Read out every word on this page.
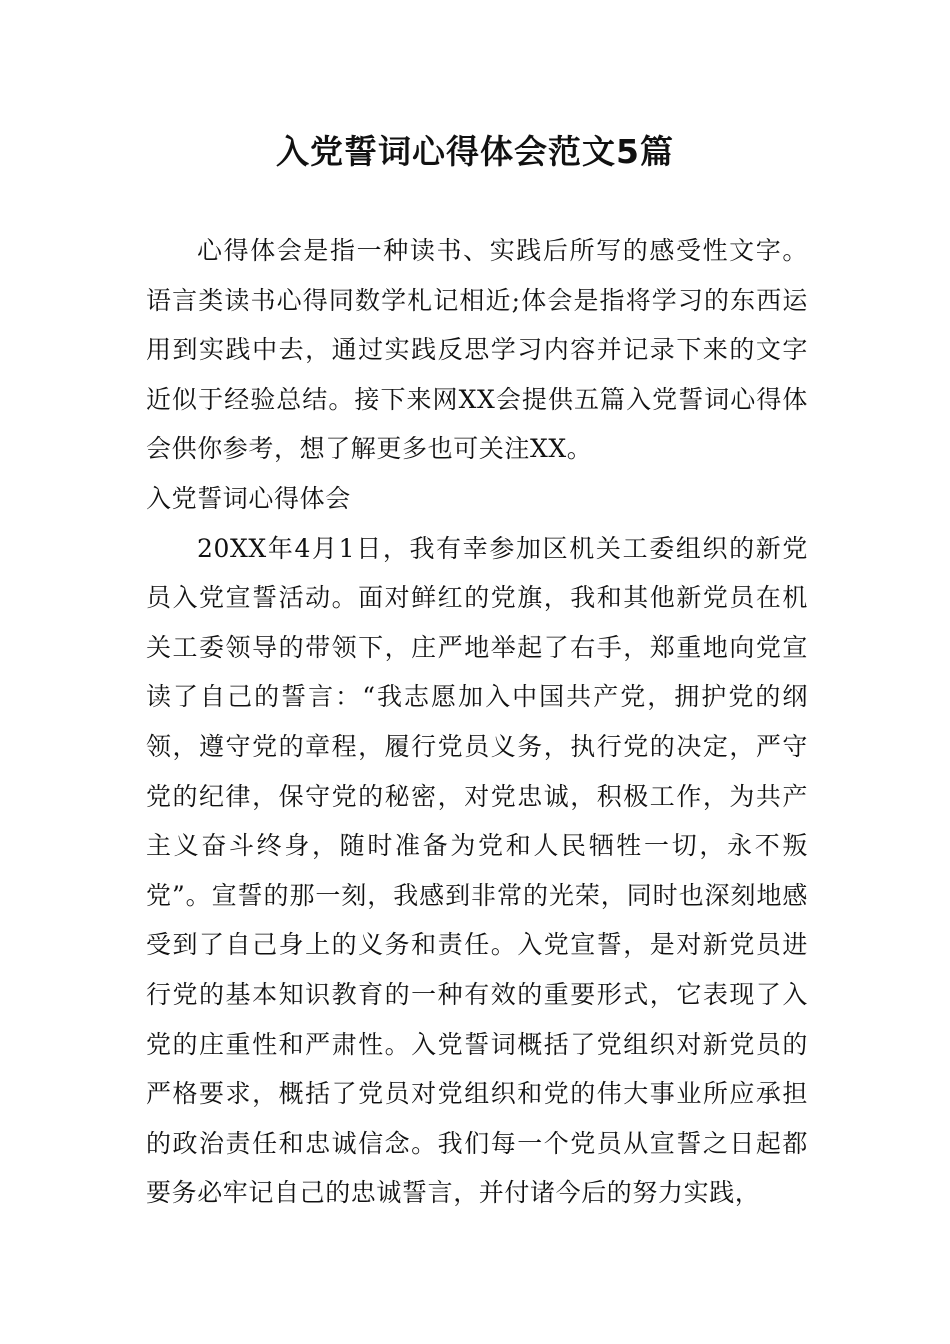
入党誓词心得体会范文5篇

心得体会是指一种读书、实践后所写的感受性文字。语言类读书心得同数学札记相近;体会是指将学习的东西运用到实践中去，通过实践反思学习内容并记录下来的文字近似于经验总结。接下来网XX会提供五篇入党誓词心得体会供你参考，想了解更多也可关注XX。

入党誓词心得体会

20XX年4月1日，我有幸参加区机关工委组织的新党员入党宣誓活动。面对鲜红的党旗，我和其他新党员在机关工委领导的带领下，庄严地举起了右手，郑重地向党宣读了自己的誓言：“我志愿加入中国共产党，拥护党的纲领，遵守党的章程，履行党员义务，执行党的决定，严守党的纪律，保守党的秘密，对党忠诚，积极工作，为共产主义奋斗终身，随时准备为党和人民牺牲一切，永不叛党”。宣誓的那一刻，我感到非常的光荣，同时也深刻地感受到了自己身上的义务和责任。入党宣誓，是对新党员进行党的基本知识教育的一种有效的重要形式，它表现了入党的庄重性和严肃性。入党誓词概括了党组织对新党员的严格要求，概括了党员对党组织和党的伟大事业所应承担的政治责任和忠诚信念。我们每一个党员从宣誓之日起都要务必牢记自己的忠诚誓言，并付诸今后的努力实践，
